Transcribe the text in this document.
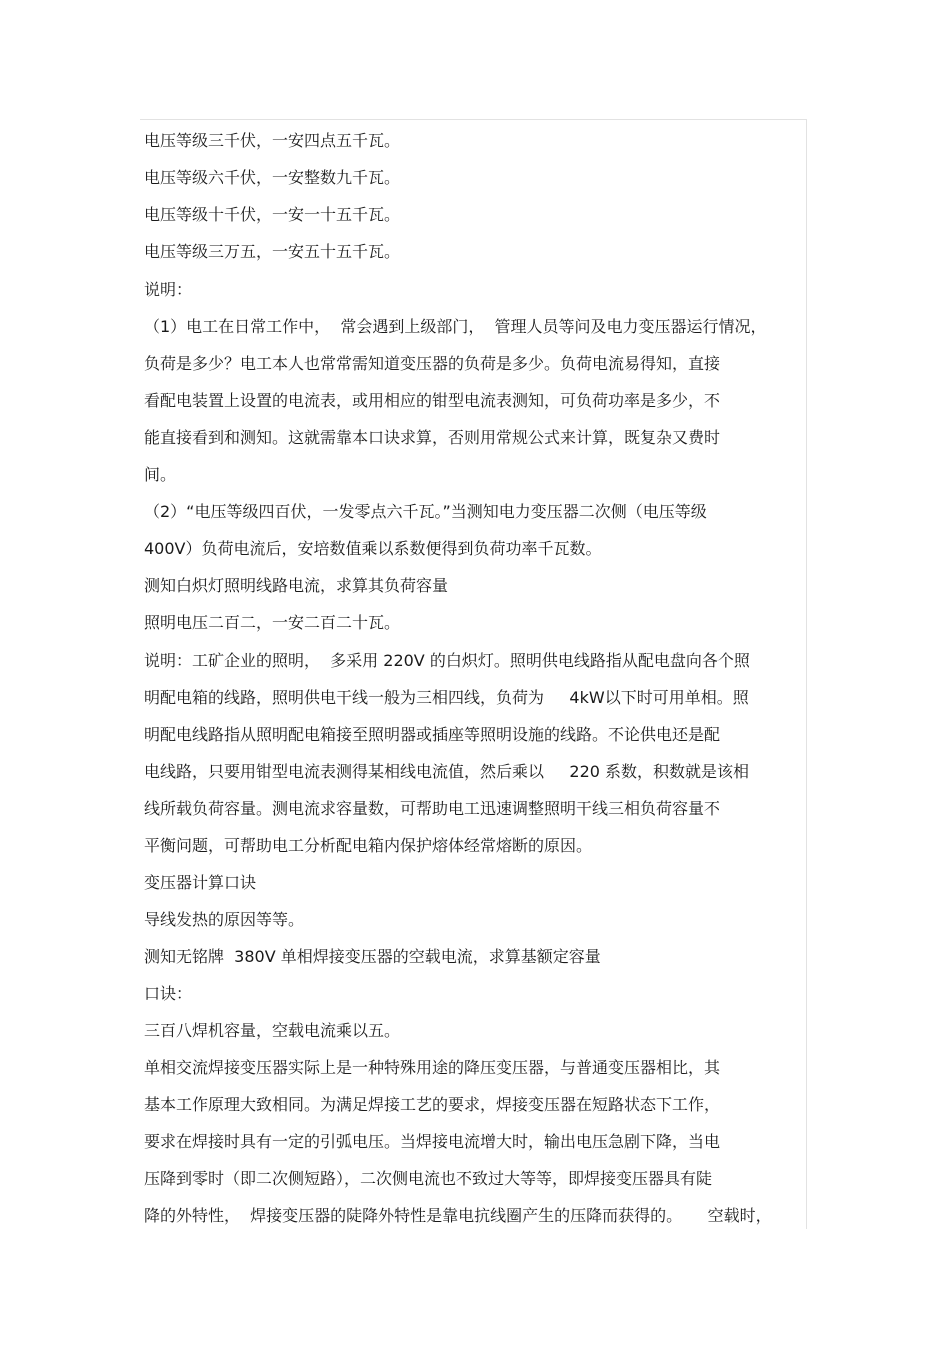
电压等级三千伏，一安四点五千瓦。
电压等级六千伏，一安整数九千瓦。
电压等级十千伏，一安一十五千瓦。
电压等级三万五，一安五十五千瓦。
说明：
（1）电工在日常工作中，  常会遇到上级部门，  管理人员等问及电力变压器运行情况，
负荷是多少？电工本人也常常需知道变压器的负荷是多少。负荷电流易得知，直接
看配电装置上设置的电流表，或用相应的钳型电流表测知，可负荷功率是多少，不
能直接看到和测知。这就需靠本口诀求算，否则用常规公式来计算，既复杂又费时
间。
（2）“电压等级四百伏，一发零点六千瓦。”当测知电力变压器二次侧（电压等级
400V）负荷电流后，安培数值乘以系数便得到负荷功率千瓦数。
测知白炽灯照明线路电流，求算其负荷容量
照明电压二百二，一安二百二十瓦。
说明：工矿企业的照明，  多采用 220V 的白炽灯。照明供电线路指从配电盘向各个照
明配电箱的线路，照明供电干线一般为三相四线，负荷为     4kW以下时可用单相。照
明配电线路指从照明配电箱接至照明器或插座等照明设施的线路。不论供电还是配
电线路，只要用钳型电流表测得某相线电流值，然后乘以     220 系数，积数就是该相
线所载负荷容量。测电流求容量数，可帮助电工迅速调整照明干线三相负荷容量不
平衡问题，可帮助电工分析配电箱内保护熔体经常熔断的原因。
变压器计算口诀
导线发热的原因等等。
测知无铭牌  380V 单相焊接变压器的空载电流，求算基额定容量
口诀：
三百八焊机容量，空载电流乘以五。
单相交流焊接变压器实际上是一种特殊用途的降压变压器，与普通变压器相比，其
基本工作原理大致相同。为满足焊接工艺的要求，焊接变压器在短路状态下工作，
要求在焊接时具有一定的引弧电压。当焊接电流增大时，输出电压急剧下降，当电
压降到零时（即二次侧短路），二次侧电流也不致过大等等，即焊接变压器具有陡
降的外特性，  焊接变压器的陡降外特性是靠电抗线圈产生的压降而获得的。     空载时，
